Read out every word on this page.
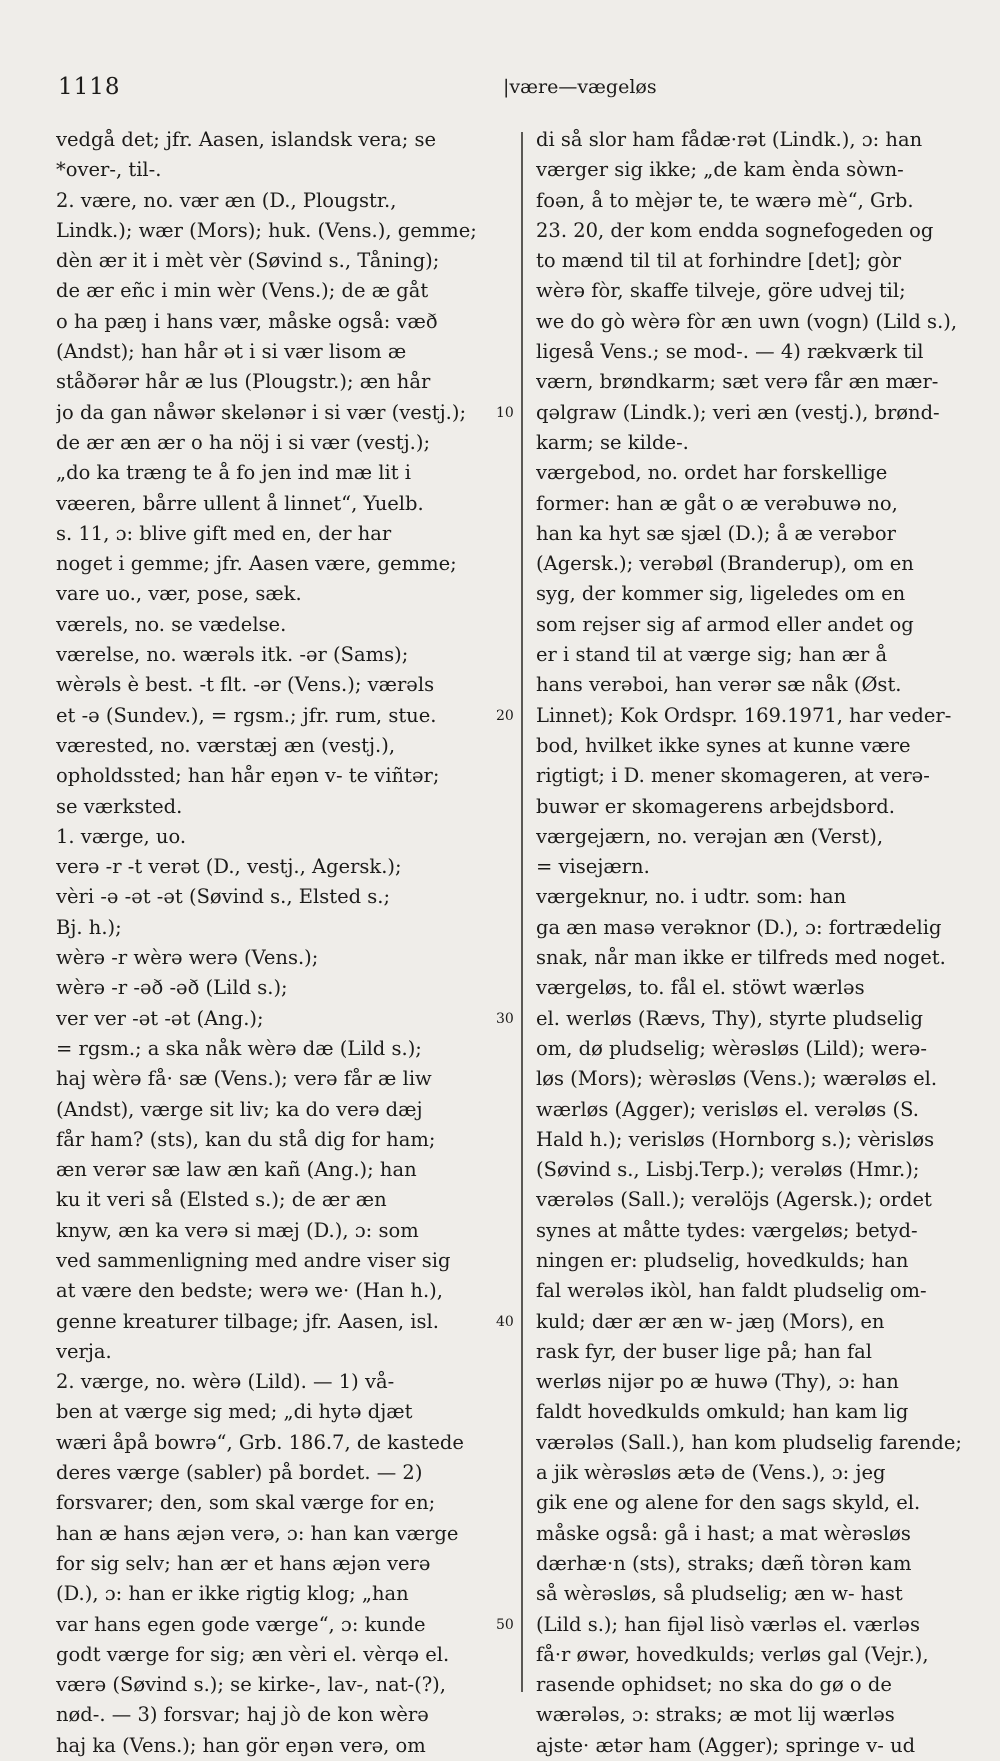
1118	|være—vægeløs
vedgå det; jfr. Aasen, islandsk vera; se
*over-, til-.
2. være, no. vær æn (D., Plougstr.,
Lindk.); wær (Mors); huk. (Vens.), gemme;
dèn ær it i mèt vèr (Søvind s., Tåning);
de ær eñc i min wèr (Vens.); de æ gåt
o ha pæŋ i hans vær, måske også: væð
(Andst); han hår ət i si vær lisom æ
ståðərər hår æ lus (Plougstr.); æn hår
jo da gan nåwər skelənər i si vær (vestj.);
de ær æn ær o ha nöj i si vær (vestj.);
„do ka træng te å fo jen ind mæ lit i
væeren, bårre ullent å linnet“, Yuelb.
s. 11, ɔ: blive gift med en, der har
noget i gemme; jfr. Aasen være, gemme;
vare uo., vær, pose, sæk.
værels, no. se vædelse.
værelse, no. wærəls itk. -ər (Sams);
wèrəls è best. -t flt. -ər (Vens.); værəls
et -ə (Sundev.), = rgsm.; jfr. rum, stue.
værested, no. værstæj æn (vestj.),
opholdssted; han hår eŋən v- te viñtər;
se værksted.
1. værge, uo.
verə -r -t verət (D., vestj., Agersk.);
vèri -ə -ət -ət (Søvind s., Elsted s.;
Bj. h.);
wèrə -r wèrə werə (Vens.);
wèrə -r -əð -əð (Lild s.);
ver ver -ət -ət (Ang.);
= rgsm.; a ska nåk wèrə dæ (Lild s.);
haj wèrə få· sæ (Vens.); verə får æ liw
(Andst), værge sit liv; ka do verə dæj
får ham? (sts), kan du stå dig for ham;
æn verər sæ law æn kañ (Ang.); han
ku it veri så (Elsted s.); de ær æn
knyw, æn ka verə si mæj (D.), ɔ: som
ved sammenligning med andre viser sig
at være den bedste; werə we· (Han h.),
genne kreaturer tilbage; jfr. Aasen, isl.
verja.
2. værge, no. wèrə (Lild). — 1) vå-
ben at værge sig med; „di hytə djæt
wæri åpå bowrə“, Grb. 186.7, de kastede
deres værge (sabler) på bordet. — 2)
forsvarer; den, som skal værge for en;
han æ hans æjən verə, ɔ: han kan værge
for sig selv; han ær et hans æjən verə
(D.), ɔ: han er ikke rigtig klog; „han
var hans egen gode værge“, ɔ: kunde
godt værge for sig; æn vèri el. vèrqə el.
værə (Søvind s.); se kirke-, lav-, nat-(?),
nød-. — 3) forsvar; haj jò de kon wèrə
haj ka (Vens.); han gör eŋən verə, om
di så slor ham fådæ·rət (Lindk.), ɔ: han
værger sig ikke; „de kam ènda sòwn-
foən, å to mèjər te, te wærə mè“, Grb.
23. 20, der kom endda sognefogeden og
to mænd til til at forhindre [det]; gòr
wèrə fòr, skaffe tilveje, göre udvej til;
we do gò wèrə fòr æn uwn (vogn) (Lild s.),
ligeså Vens.; se mod-. — 4) rækværk til
værn, brøndkarm; sæt verə får æn mær-
qəlgraw (Lindk.); veri æn (vestj.), brønd-
karm; se kilde-.
værgebod, no. ordet har forskellige
former: han æ gåt o æ verəbuwə no,
han ka hyt sæ sjæl (D.); å æ verəbor
(Agersk.); verəbøl (Branderup), om en
syg, der kommer sig, ligeledes om en
som rejser sig af armod eller andet og
er i stand til at værge sig; han ær å
hans verəboi, han verər sæ nåk (Øst.
Linnet); Kok Ordspr. 169.1971, har veder-
bod, hvilket ikke synes at kunne være
rigtigt; i D. mener skomageren, at verə-
buwər er skomagerens arbejdsbord.
værgejærn, no. verəjan æn (Verst),
= visejærn.
værgeknur, no. i udtr. som: han
ga æn masə verəknor (D.), ɔ: fortrædelig
snak, når man ikke er tilfreds med noget.
værgeløs, to. fål el. stöwt wærləs
el. werløs (Rævs, Thy), styrte pludselig
om, dø pludselig; wèrəsløs (Lild); werə-
løs (Mors); wèrəsløs (Vens.); wærəløs el.
wærløs (Agger); verisløs el. verəløs (S.
Hald h.); verisløs (Hornborg s.); vèrisløs
(Søvind s., Lisbj.Terp.); verəløs (Hmr.);
værələs (Sall.); verəlöjs (Agersk.); ordet
synes at måtte tydes: værgeløs; betyd-
ningen er: pludselig, hovedkulds; han
fal werələs ikòl, han faldt pludselig om-
kuld; dær ær æn w- jæŋ (Mors), en
rask fyr, der buser lige på; han fal
werløs nijər po æ huwə (Thy), ɔ: han
faldt hovedkulds omkuld; han kam lig
værələs (Sall.), han kom pludselig farende;
a jik wèrəsløs ætə de (Vens.), ɔ: jeg
gik ene og alene for den sags skyld, el.
måske også: gå i hast; a mat wèrəsløs
dærhæ·n (sts), straks; dæñ tòrən kam
så wèrəsløs, så pludselig; æn w- hast
(Lild s.); han fijəl lisò værləs el. værləs
få·r øwər, hovedkulds; verløs gal (Vejr.),
rasende ophidset; no ska do gø o de
wærələs, ɔ: straks; æ mot lij wærləs
ajste· ætər ham (Agger); springe v- ud
10
20
30
40
50
